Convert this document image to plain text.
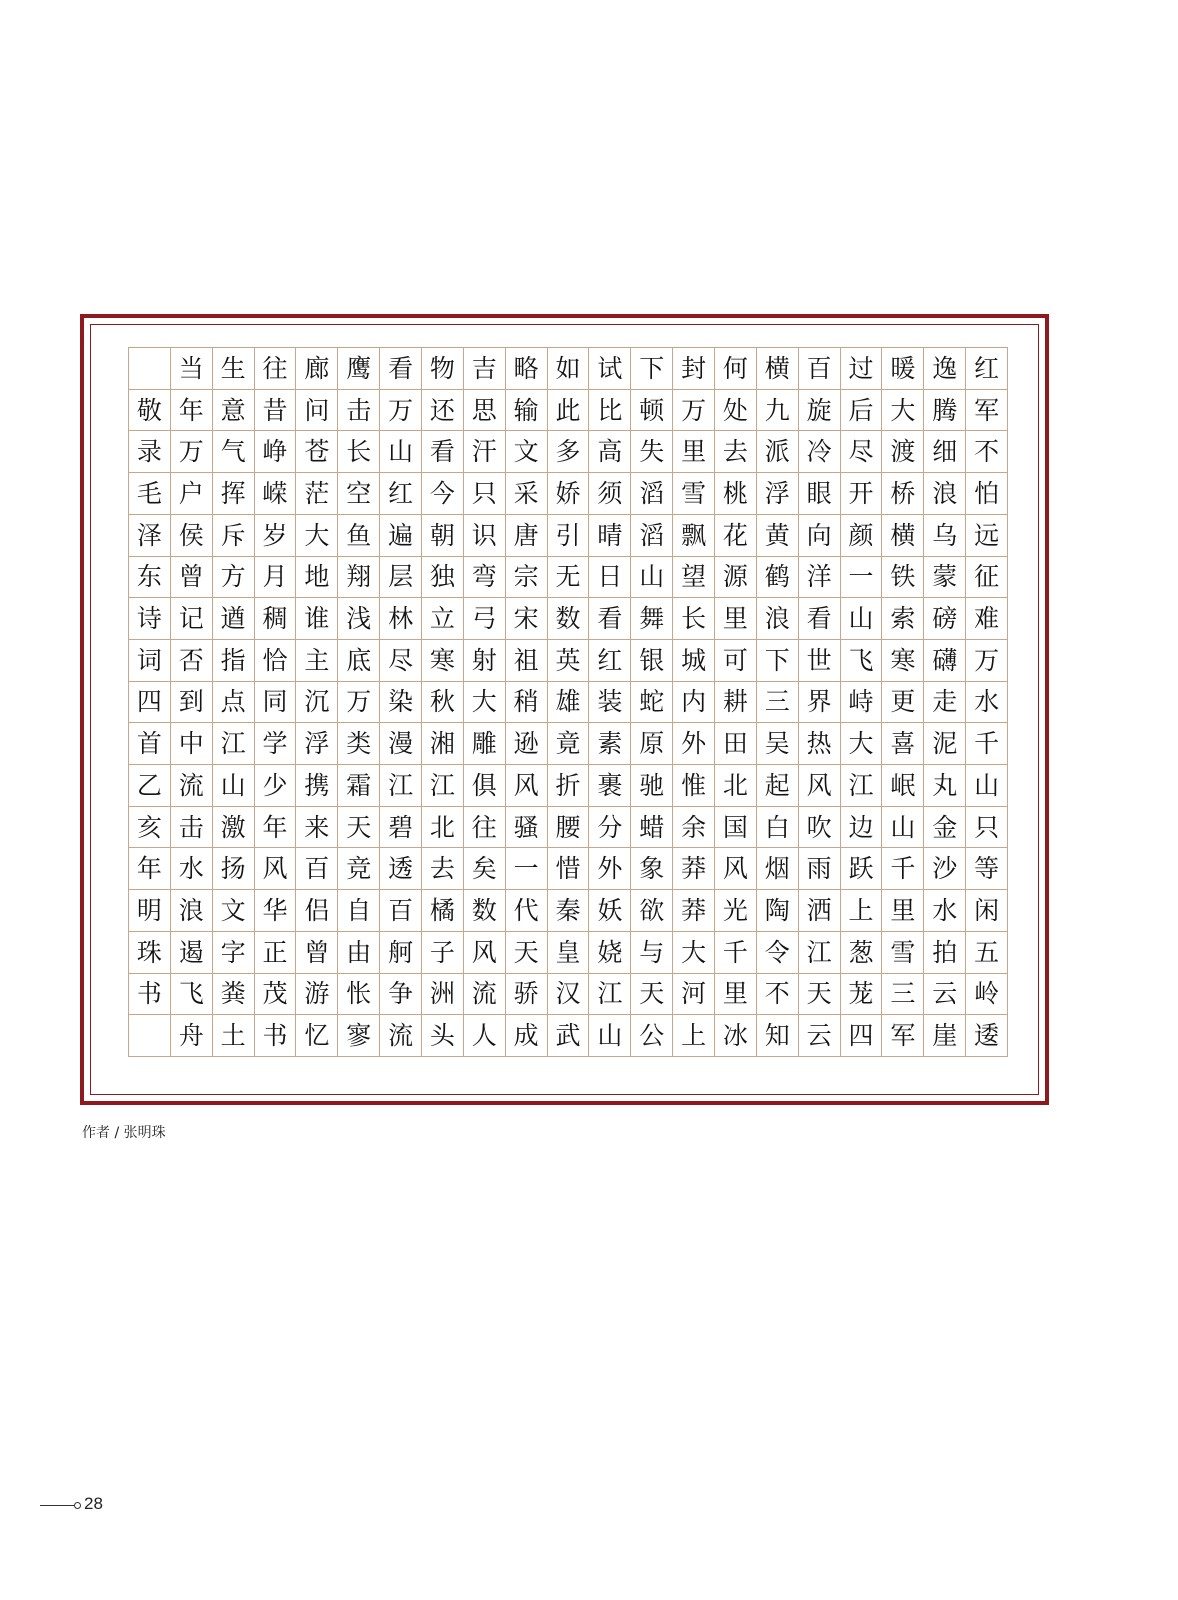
当 生 往 廊 鹰 看 物 吉 略 如 试 下 封 何 横 百 过 暖 逸 红
敬 年 意 昔 问 击 万 还 思 输 此 比 顿 万 处 九 旋 后 大 腾 军
录 万 气 峥 苍 长 山 看 汗 文 多 高 失 里 去 派 冷 尽 渡 细 不
毛 户 挥 嵘 茫 空 红 今 只 采 娇 须 滔 雪 桃 浮 眼 开 桥 浪 怕
泽 侯 斥 岁 大 鱼 遍 朝 识 唐 引 晴 滔 飘 花 黄 向 颜 横 乌 远
东 曾 方 月 地 翔 层 独 弯 宗 无 日 山 望 源 鹤 洋 一 铁 蒙 征
诗 记 遒 稠 谁 浅 林 立 弓 宋 数 看 舞 长 里 浪 看 山 索 磅 难
词 否 指 恰 主 底 尽 寒 射 祖 英 红 银 城 可 下 世 飞 寒 礴 万
四 到 点 同 沉 万 染 秋 大 稍 雄 装 蛇 内 耕 三 界 峙 更 走 水
首 中 江 学 浮 类 漫 湘 雕 逊 竟 素 原 外 田 吴 热 大 喜 泥 千
乙 流 山 少 携 霜 江 江 俱 风 折 裹 驰 惟 北 起 风 江 岷 丸 山
亥 击 激 年 来 天 碧 北 往 骚 腰 分 蜡 余 国 白 吹 边 山 金 只
年 水 扬 风 百 竞 透 去 矣 一 惜 外 象 莽 风 烟 雨 跃 千 沙 等
明 浪 文 华 侣 自 百 橘 数 代 秦 妖 欲 莽 光 陶 洒 上 里 水 闲
珠 遏 字 正 曾 由 舸 子 风 天 皇 娆 与 大 千 令 江 葱 雪 拍 五
书 飞 粪 茂 游 怅 争 洲 流 骄 汉 江 天 河 里 不 天 茏 三 云 岭
舟 土 书 忆 寥 流 头 人 成 武 山 公 上 冰 知 云 四 军 崖 逶
作者 / 张明珠
28
